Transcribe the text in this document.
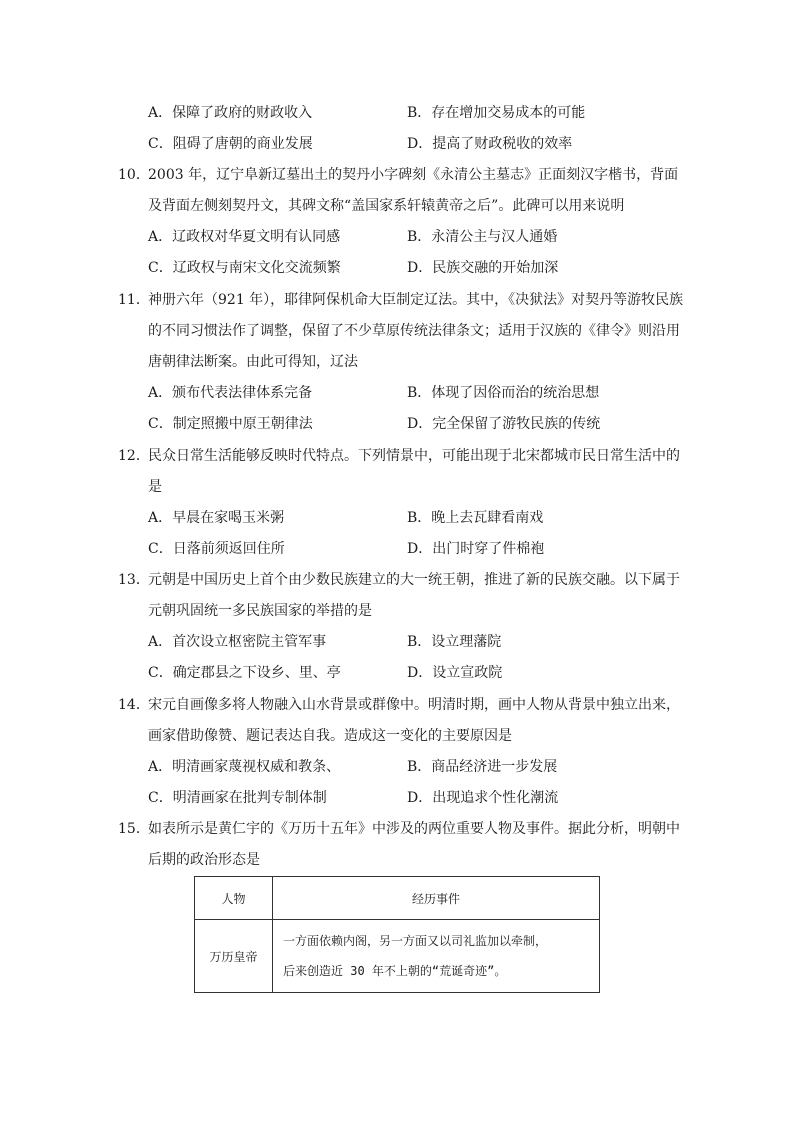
A．保障了政府的财政收入	B．存在增加交易成本的可能
C．阻碍了唐朝的商业发展	D．提高了财政税收的效率
10．
2003 年，辽宁阜新辽墓出土的契丹小字碑刻《永清公主墓志》正面刻汉字楷书，背面
及背面左侧刻契丹文，其碑文称“盖国家系轩辕黄帝之后”。此碑可以用来说明
A．辽政权对华夏文明有认同感	B．永清公主与汉人通婚
C．辽政权与南宋文化交流频繁	D．民族交融的开始加深
11．
神册六年（921 年），耶律阿保机命大臣制定辽法。其中，《决狱法》对契丹等游牧民族
的不同习惯法作了调整，保留了不少草原传统法律条文；适用于汉族的《律令》则沿用
唐朝律法断案。由此可得知，辽法
A．颁布代表法律体系完备	B．体现了因俗而治的统治思想
C．制定照搬中原王朝律法	D．完全保留了游牧民族的传统
12．
民众日常生活能够反映时代特点。下列情景中，可能出现于北宋都城市民日常生活中的
是
A．早晨在家喝玉米粥	B．晚上去瓦肆看南戏
C．日落前须返回住所	D．出门时穿了件棉袍
13．
元朝是中国历史上首个由少数民族建立的大一统王朝，推进了新的民族交融。以下属于
元朝巩固统一多民族国家的举措的是
A．首次设立枢密院主管军事	B．设立理藩院
C．确定郡县之下设乡、里、亭	D．设立宣政院
14．
宋元自画像多将人物融入山水背景或群像中。明清时期，画中人物从背景中独立出来，
画家借助像赞、题记表达自我。造成这一变化的主要原因是
A．明清画家蔑视权威和教条、	B．商品经济进一步发展
C．明清画家在批判专制体制	D．出现追求个性化潮流
15．
如表所示是黄仁宇的《万历十五年》中涉及的两位重要人物及事件。据此分析，明朝中
后期的政治形态是
人物	经历事件
万历皇帝	一方面依赖内阁，另一方面又以司礼监加以牵制，
后来创造近 30 年不上朝的“荒诞奇迹”。
